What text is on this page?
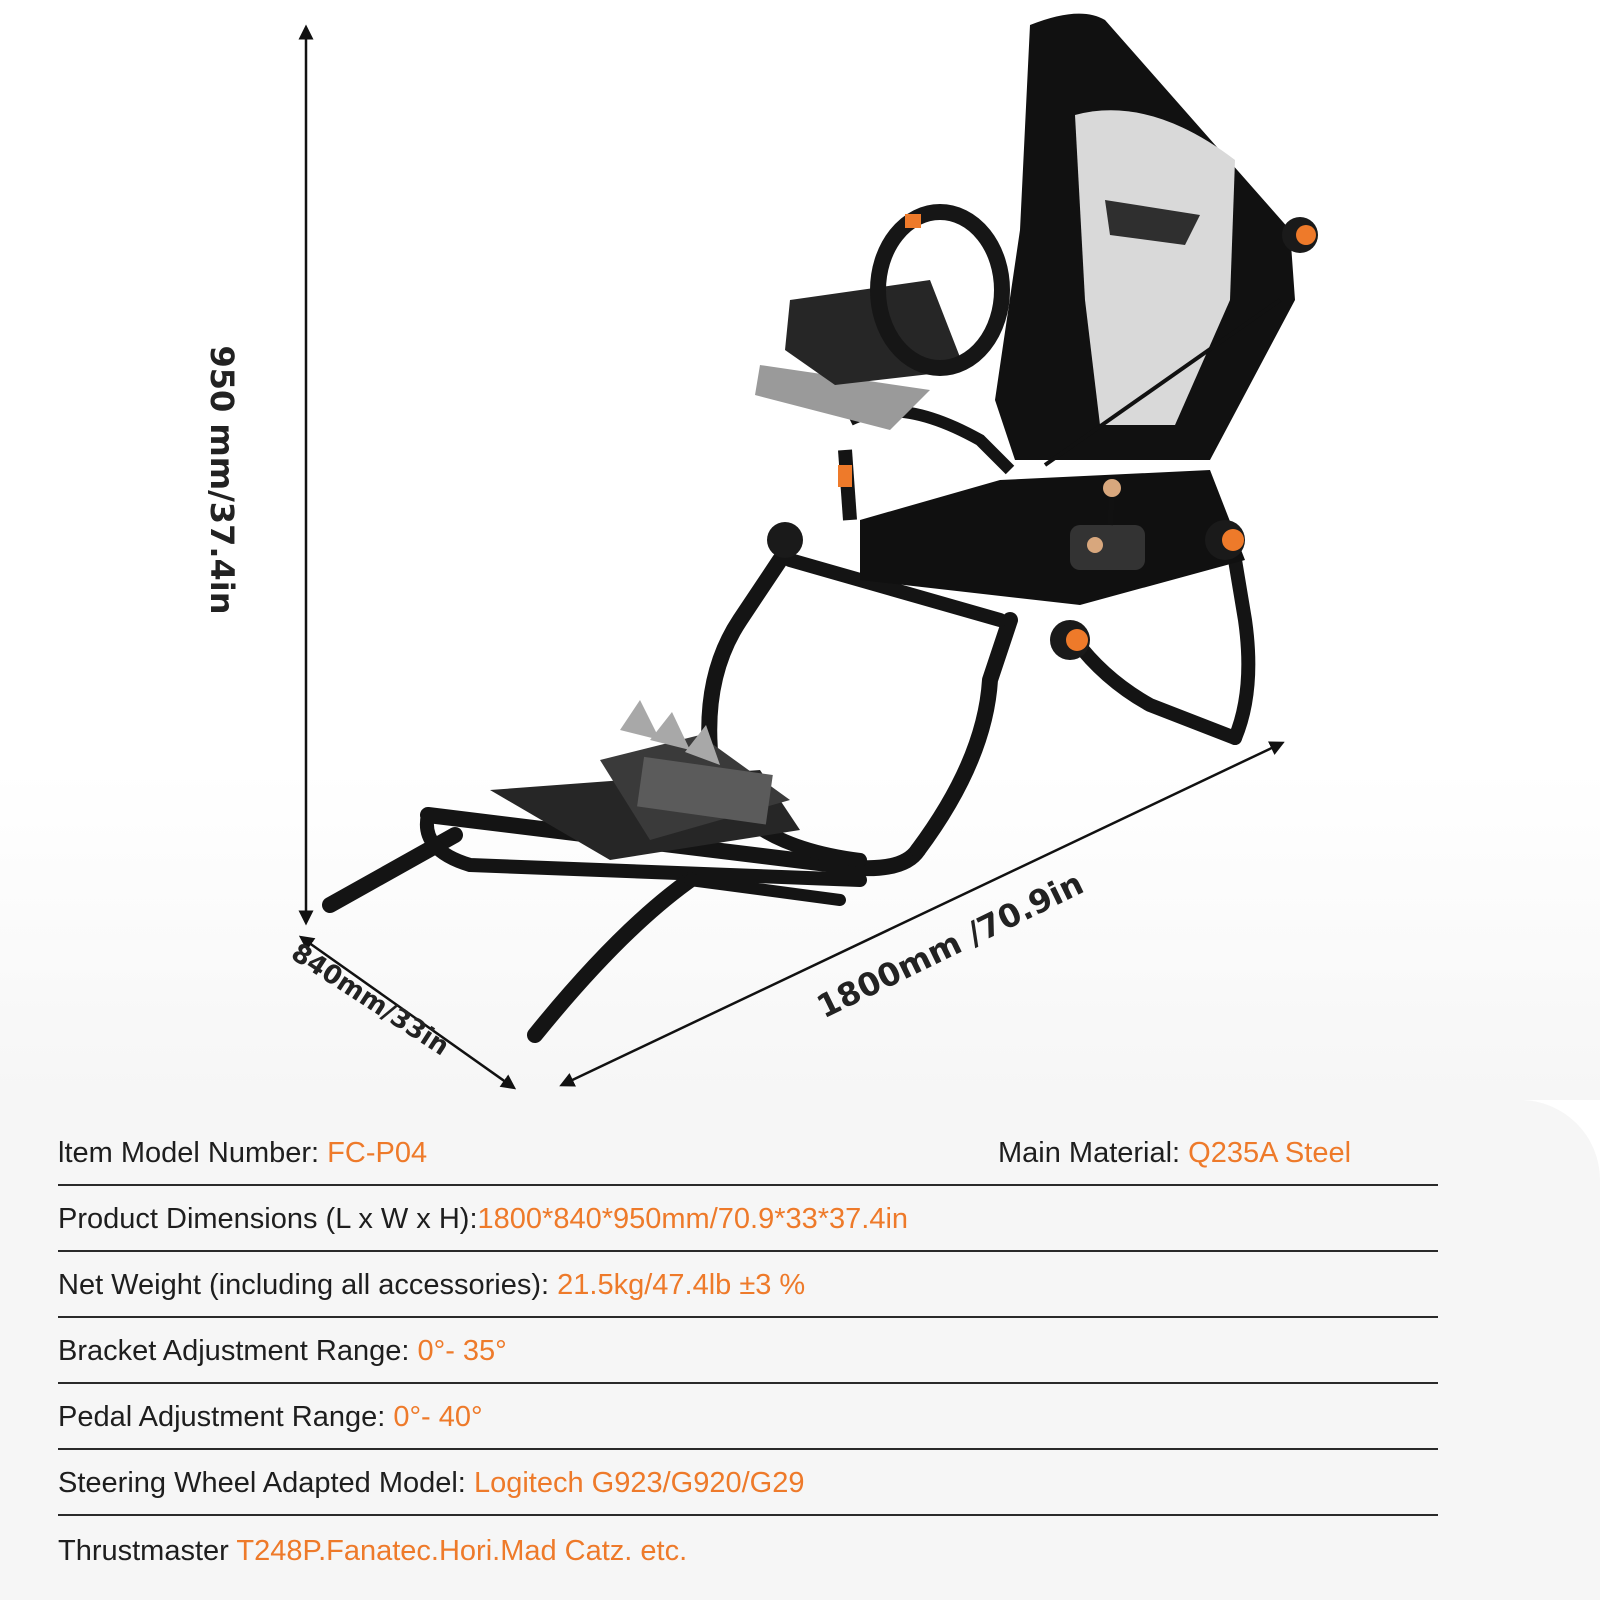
950 mm/37.4in
840mm/33in	1800mm /70.9in
ltem Model Number: FC-P04	Main Material: Q235A Steel
Product Dimensions (L x W x H):1800*840*950mm/70.9*33*37.4in
Net Weight (including all accessories): 21.5kg/47.4lb ±3 %
Bracket Adjustment Range: 0°- 35°
Pedal Adjustment Range: 0°- 40°
Steering Wheel Adapted Model: Logitech G923/G920/G29
Thrustmaster T248P.Fanatec.Hori.Mad Catz. etc.
